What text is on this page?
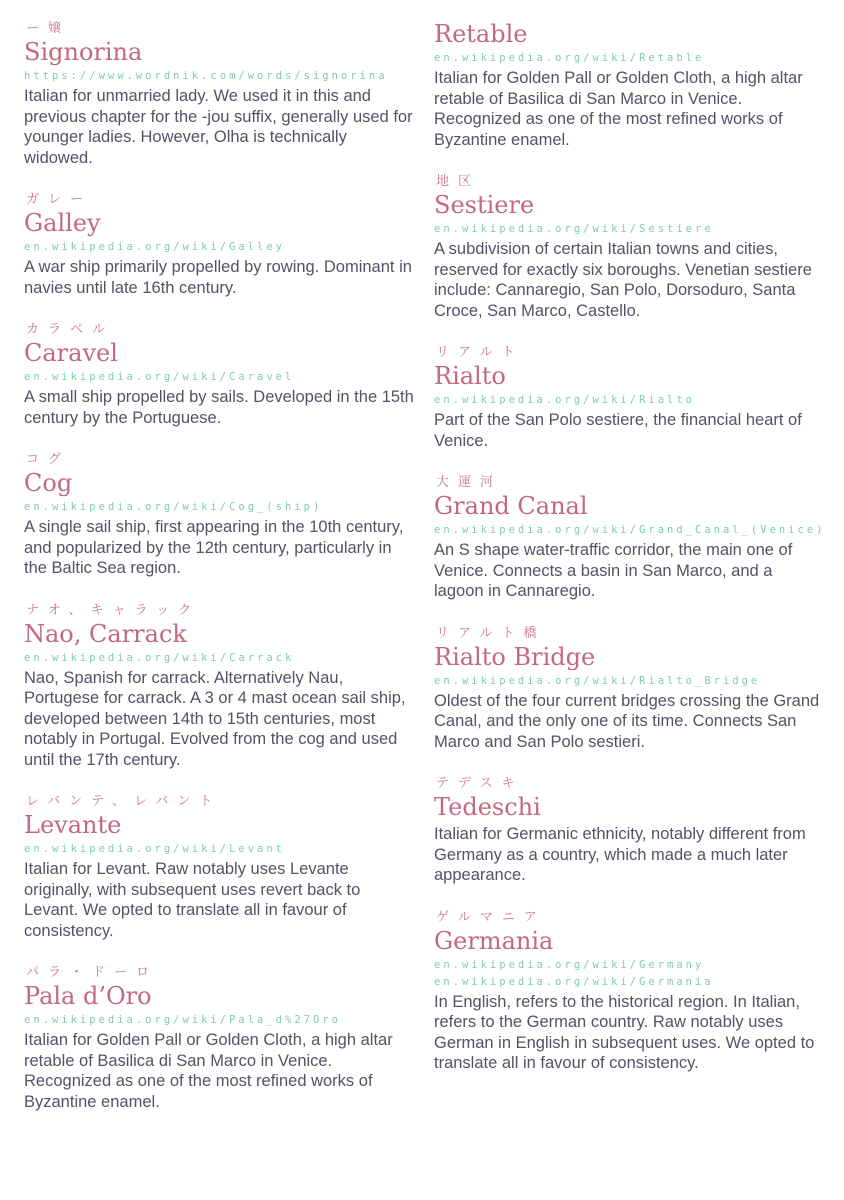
ー嬢
Signorina
https://www.wordnik.com/words/signorina

Italian for unmarried lady. We used it in this and previous chapter for the -jou suffix, generally used for younger ladies. However, Olha is technically widowed.

ガレー
Galley
en.wikipedia.org/wiki/Galley

A war ship primarily propelled by rowing. Dominant in navies until late 16th century.

カラベル
Caravel
en.wikipedia.org/wiki/Caravel

A small ship propelled by sails. Developed in the 15th century by the Portuguese.

コグ
Cog
en.wikipedia.org/wiki/Cog_(ship)

A single sail ship, first appearing in the 10th century, and popularized by the 12th century, particularly in the Baltic Sea region.

ナオ、キャラック
Nao, Carrack
en.wikipedia.org/wiki/Carrack

Nao, Spanish for carrack. Alternatively Nau, Portugese for carrack. A 3 or 4 mast ocean sail ship, developed between 14th to 15th centuries, most notably in Portugal. Evolved from the cog and used until the 17th century.

レバンテ、レバント
Levante
en.wikipedia.org/wiki/Levant

Italian for Levant. Raw notably uses Levante originally, with subsequent uses revert back to Levant. We opted to translate all in favour of consistency.

パラ・ドーロ
Pala d’Oro
en.wikipedia.org/wiki/Pala_d%27Oro

Italian for Golden Pall or Golden Cloth, a high altar retable of Basilica di San Marco in Venice. Recognized as one of the most refined works of Byzantine enamel.

Retable
en.wikipedia.org/wiki/Retable

Italian for Golden Pall or Golden Cloth, a high altar retable of Basilica di San Marco in Venice. Recognized as one of the most refined works of Byzantine enamel.

地区
Sestiere
en.wikipedia.org/wiki/Sestiere

A subdivision of certain Italian towns and cities, reserved for exactly six boroughs. Venetian sestiere include: Cannaregio, San Polo, Dorsoduro, Santa Croce, San Marco, Castello.

リアルト
Rialto
en.wikipedia.org/wiki/Rialto

Part of the San Polo sestiere, the financial heart of Venice.

大運河
Grand Canal
en.wikipedia.org/wiki/Grand_Canal_(Venice)

An S shape water-traffic corridor, the main one of Venice. Connects a basin in San Marco, and a lagoon in Cannaregio.

リアルト橋
Rialto Bridge
en.wikipedia.org/wiki/Rialto_Bridge

Oldest of the four current bridges crossing the Grand Canal, and the only one of its time. Connects San Marco and San Polo sestieri.

テデスキ
Tedeschi

Italian for Germanic ethnicity, notably different from Germany as a country, which made a much later appearance.

ゲルマニア
Germania
en.wikipedia.org/wiki/Germany
en.wikipedia.org/wiki/Germania

In English, refers to the historical region. In Italian, refers to the German country. Raw notably uses German in English in subsequent uses. We opted to translate all in favour of consistency.
